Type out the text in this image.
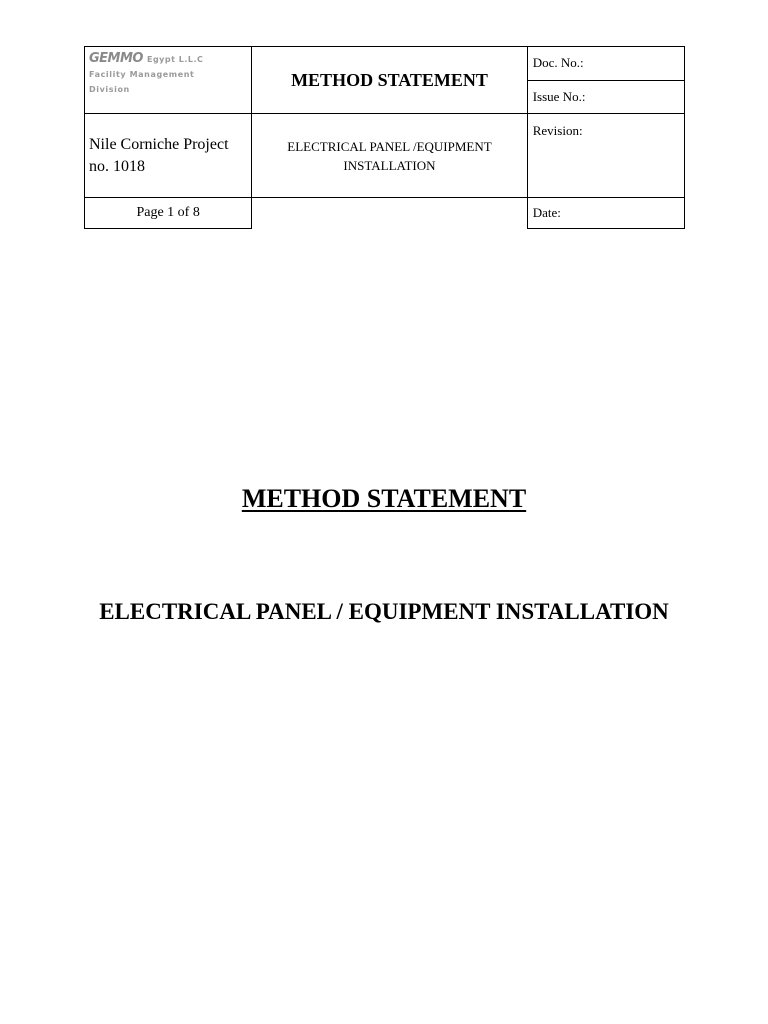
GEMMO Egypt L.L.C
Facility Management
Division	METHOD STATEMENT	Doc. No.:
		Issue No.:
Nile Corniche Project no. 1018	ELECTRICAL PANEL /EQUIPMENT INSTALLATION	Revision:
Page 1 of 8		Date:
METHOD STATEMENT
ELECTRICAL PANEL / EQUIPMENT INSTALLATION
